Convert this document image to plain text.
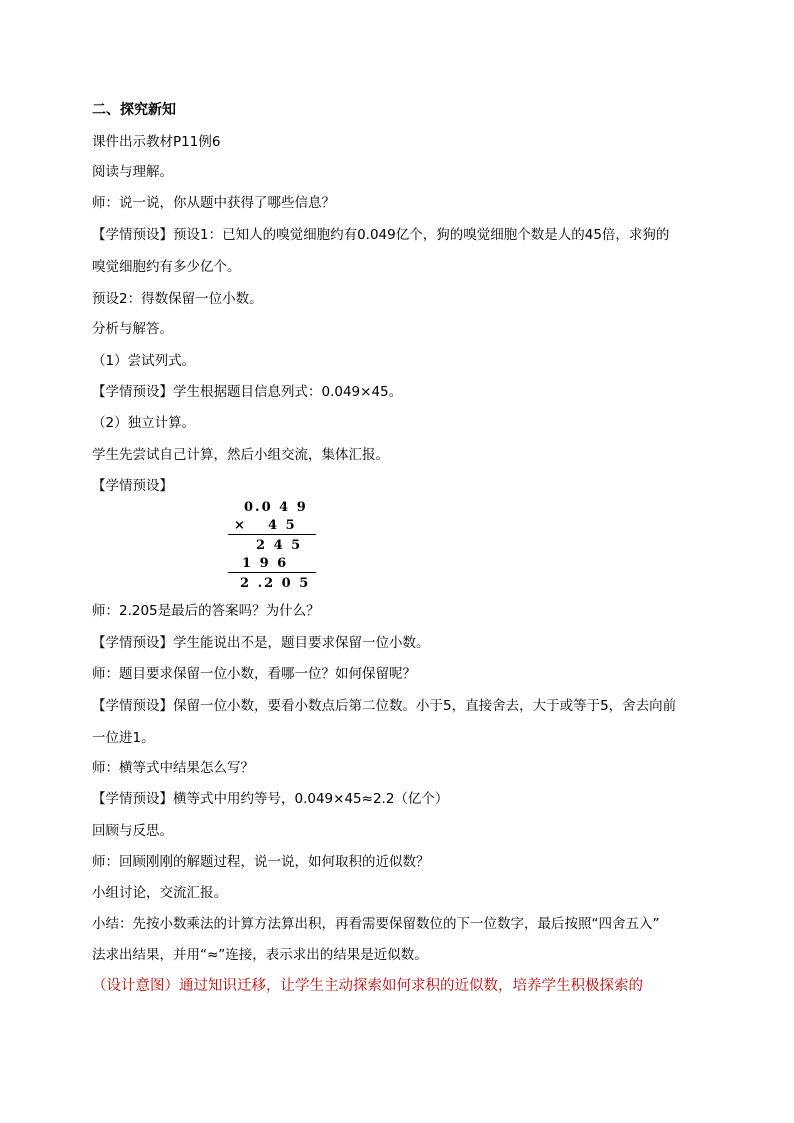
二、探究新知
课件出示教材P11例6
阅读与理解。
师：说一说，你从题中获得了哪些信息？
【学情预设】预设1：已知人的嗅觉细胞约有0.049亿个，狗的嗅觉细胞个数是人的45倍，求狗的
嗅觉细胞约有多少亿个。
预设2：得数保留一位小数。
分析与解答。
（1）尝试列式。
【学情预设】学生根据题目信息列式：0.049×45。
（2）独立计算。
学生先尝试自己计算，然后小组交流，集体汇报。
【学情预设】
0.0 4 9
× 4 5
2 4 5
1 9 6
2 .2 0 5
师：2.205是最后的答案吗？为什么？
【学情预设】学生能说出不是，题目要求保留一位小数。
师：题目要求保留一位小数，看哪一位？如何保留呢？
【学情预设】保留一位小数，要看小数点后第二位数。小于5，直接舍去，大于或等于5，舍去向前
一位进1。
师：横等式中结果怎么写？
【学情预设】横等式中用约等号，0.049×45≈2.2（亿个）
回顾与反思。
师：回顾刚刚的解题过程，说一说，如何取积的近似数？
小组讨论，交流汇报。
小结：先按小数乘法的计算方法算出积，再看需要保留数位的下一位数字，最后按照“四舍五入”
法求出结果，并用“≈”连接，表示求出的结果是近似数。
（设计意图）通过知识迁移，让学生主动探索如何求积的近似数，培养学生积极探索的
